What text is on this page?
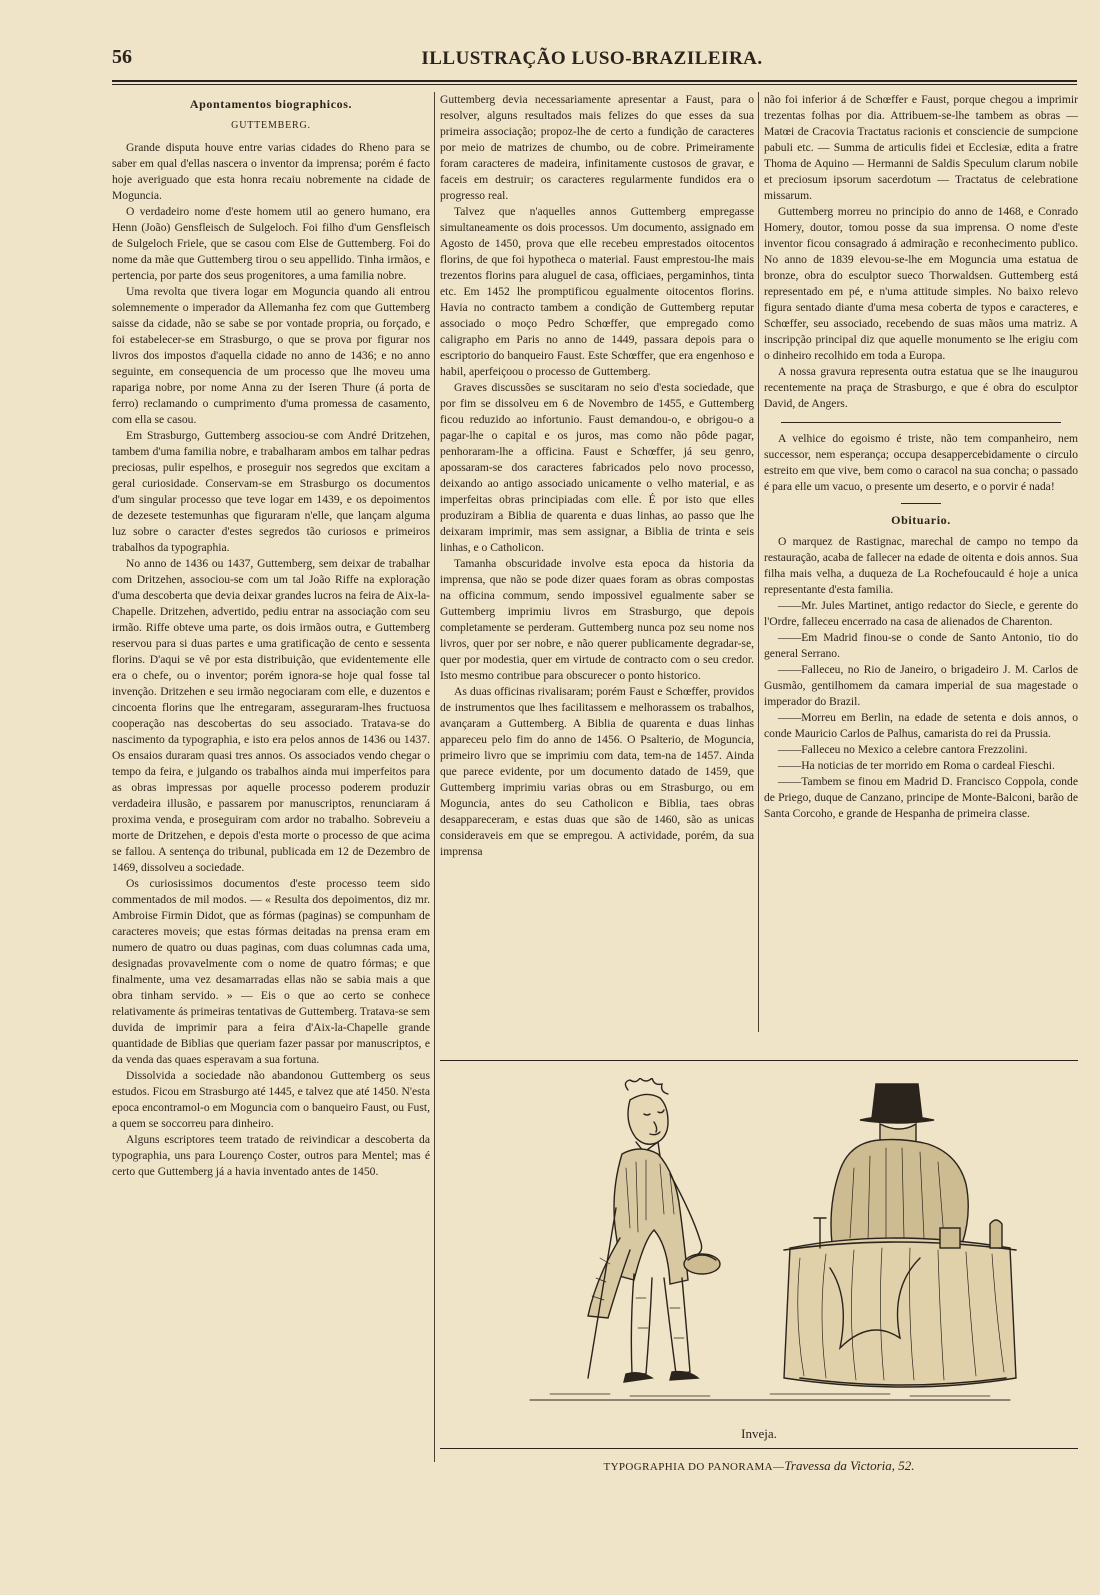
56	ILLUSTRAÇÃO LUSO-BRAZILEIRA.
Apontamentos biographicos.
GUTTEMBERG.

Grande disputa houve entre varias cidades do Rheno para se saber em qual d'ellas nascera o inventor da imprensa; porém é facto hoje averiguado que esta honra recaiu nobremente na cidade de Moguncia.

O verdadeiro nome d'este homem util ao genero humano, era Henn (João) Gensfleisch de Sulgeloch. Foi filho d'um Gensfleisch de Sulgeloch Friele, que se casou com Else de Guttemberg. Foi do nome da mãe que Guttemberg tirou o seu appellido. Tinha irmãos, e pertencia, por parte dos seus progenitores, a uma familia nobre.

Uma revolta que tivera logar em Moguncia quando ali entrou solemnemente o imperador da Allemanha fez com que Guttemberg saisse da cidade, não se sabe se por vontade propria, ou forçado, e foi estabelecer-se em Strasburgo, o que se prova por figurar nos livros dos impostos d'aquella cidade no anno de 1436; e no anno seguinte, em consequencia de um processo que lhe moveu uma rapariga nobre, por nome Anna zu der Iseren Thure (á porta de ferro) reclamando o cumprimento d'uma promessa de casamento, com ella se casou.

Em Strasburgo, Guttemberg associou-se com André Dritzehen, tambem d'uma familia nobre, e trabalharam ambos em talhar pedras preciosas, pulir espelhos, e proseguir nos segredos que excitam a geral curiosidade. Conservam-se em Strasburgo os documentos d'um singular processo que teve logar em 1439, e os depoimentos de dezesete testemunhas que figuraram n'elle, que lançam alguma luz sobre o caracter d'estes segredos tão curiosos e primeiros trabalhos da typographia.

No anno de 1436 ou 1437, Guttemberg, sem deixar de trabalhar com Dritzehen, associou-se com um tal João Riffe na exploração d'uma descoberta que devia deixar grandes lucros na feira de Aix-la-Chapelle. Dritzehen, advertido, pediu entrar na associação com seu irmão. Riffe obteve uma parte, os dois irmãos outra, e Guttemberg reservou para si duas partes e uma gratificação de cento e sessenta florins. D'aqui se vê por esta distribuição, que evidentemente elle era o chefe, ou o inventor; porém ignora-se hoje qual fosse tal invenção. Dritzehen e seu irmão negociaram com elle, e duzentos e cincoenta florins que lhe entregaram, asseguraram-lhes fructuosa cooperação nas descobertas do seu associado. Tratava-se do nascimento da typographia, e isto era pelos annos de 1436 ou 1437. Os ensaios duraram quasi tres annos. Os associados vendo chegar o tempo da feira, e julgando os trabalhos ainda mui imperfeitos para as obras impressas por aquelle processo poderem produzir verdadeira illusão, e passarem por manuscriptos, renunciaram á proxima venda, e proseguiram com ardor no trabalho. Sobreveiu a morte de Dritzehen, e depois d'esta morte o processo de que acima se fallou. A sentença do tribunal, publicada em 12 de Dezembro de 1469, dissolveu a sociedade.

Os curiosissimos documentos d'este processo teem sido commentados de mil modos. — « Resulta dos depoimentos, diz mr. Ambroise Firmin Didot, que as fórmas (paginas) se compunham de caracteres moveis; que estas fórmas deitadas na prensa eram em numero de quatro ou duas paginas, com duas columnas cada uma, designadas provavelmente com o nome de quatro fórmas; e que finalmente, uma vez desamarradas ellas não se sabia mais a que obra tinham servido. » — Eis o que ao certo se conhece relativamente ás primeiras tentativas de Guttemberg. Tratava-se sem duvida de imprimir para a feira d'Aix-la-Chapelle grande quantidade de Biblias que queriam fazer passar por manuscriptos, e da venda das quaes esperavam a sua fortuna.

Dissolvida a sociedade não abandonou Guttemberg os seus estudos. Ficou em Strasburgo até 1445, e talvez que até 1450. N'esta epoca encontramol-o em Moguncia com o banqueiro Faust, ou Fust, a quem se soccorreu para dinheiro.

Alguns escriptores teem tratado de reivindicar a descoberta da typographia, uns para Lourenço Coster, outros para Mentel; mas é certo que Guttemberg já a havia inventado antes de 1450.

Guttemberg devia necessariamente apresentar a Faust, para o resolver, alguns resultados mais felizes do que esses da sua primeira associação; propoz-lhe de certo a fundição de caracteres por meio de matrizes de chumbo, ou de cobre. Primeiramente foram caracteres de madeira, infinitamente custosos de gravar, e faceis em destruir; os caracteres regularmente fundidos era o progresso real.

Talvez que n'aquelles annos Guttemberg empregasse simultaneamente os dois processos. Um documento, assignado em Agosto de 1450, prova que elle recebeu emprestados oitocentos florins, de que foi hypotheca o material. Faust emprestou-lhe mais trezentos florins para aluguel de casa, officiaes, pergaminhos, tinta etc. Em 1452 lhe promptificou egualmente oitocentos florins. Havia no contracto tambem a condição de Guttemberg reputar associado o moço Pedro Schœffer, que empregado como caligrapho em Paris no anno de 1449, passara depois para o escriptorio do banqueiro Faust. Este Schœffer, que era engenhoso e habil, aperfeiçoou o processo de Guttemberg.

Graves discussões se suscitaram no seio d'esta sociedade, que por fim se dissolveu em 6 de Novembro de 1455, e Guttemberg ficou reduzido ao infortunio. Faust demandou-o, e obrigou-o a pagar-lhe o capital e os juros, mas como não pôde pagar, penhoraram-lhe a officina. Faust e Schœffer, já seu genro, apossaram-se dos caracteres fabricados pelo novo processo, deixando ao antigo associado unicamente o velho material, e as imperfeitas obras principiadas com elle. É por isto que elles produziram a Biblia de quarenta e duas linhas, ao passo que lhe deixaram imprimir, mas sem assignar, a Biblia de trinta e seis linhas, e o Catholicon.

Tamanha obscuridade involve esta epoca da historia da imprensa, que não se pode dizer quaes foram as obras compostas na officina commum, sendo impossivel egualmente saber se Guttemberg imprimiu livros em Strasburgo, que depois completamente se perderam. Guttemberg nunca poz seu nome nos livros, quer por ser nobre, e não querer publicamente degradar-se, quer por modestia, quer em virtude de contracto com o seu credor. Isto mesmo contribue para obscurecer o ponto historico.

As duas officinas rivalisaram; porém Faust e Schœffer, providos de instrumentos que lhes facilitassem e melhorassem os trabalhos, avançaram a Guttemberg. A Biblia de quarenta e duas linhas appareceu pelo fim do anno de 1456. O Psalterio, de Moguncia, primeiro livro que se imprimiu com data, tem-na de 1457. Ainda que parece evidente, por um documento datado de 1459, que Guttemberg imprimiu varias obras ou em Strasburgo, ou em Moguncia, antes do seu Catholicon e Biblia, taes obras desappareceram, e estas duas que são de 1460, são as unicas consideraveis em que se empregou. A actividade, porém, da sua imprensa

não foi inferior á de Schœffer e Faust, porque chegou a imprimir trezentas folhas por dia. Attribuem-se-lhe tambem as obras — Matœi de Cracovia Tractatus racionis et consciencie de sumpcione pabuli etc. — Summa de articulis fidei et Ecclesiæ, edita a fratre Thoma de Aquino — Hermanni de Saldis Speculum clarum nobile et preciosum ipsorum sacerdotum — Tractatus de celebratione missarum.

Guttemberg morreu no principio do anno de 1468, e Conrado Homery, doutor, tomou posse da sua imprensa. O nome d'este inventor ficou consagrado á admiração e reconhecimento publico. No anno de 1839 elevou-se-lhe em Moguncia uma estatua de bronze, obra do esculptor sueco Thorwaldsen. Guttemberg está representado em pé, e n'uma attitude simples. No baixo relevo figura sentado diante d'uma mesa coberta de typos e caracteres, e Schœffer, seu associado, recebendo de suas mãos uma matriz. A inscripção principal diz que aquelle monumento se lhe erigiu com o dinheiro recolhido em toda a Europa.

A nossa gravura representa outra estatua que se lhe inaugurou recentemente na praça de Strasburgo, e que é obra do esculptor David, de Angers.

A velhice do egoismo é triste, não tem companheiro, nem successor, nem esperança; occupa desappercebidamente o circulo estreito em que vive, bem como o caracol na sua concha; o passado é para elle um vacuo, o presente um deserto, e o porvir é nada!

Obituario.

O marquez de Rastignac, marechal de campo no tempo da restauração, acaba de fallecer na edade de oitenta e dois annos. Sua filha mais velha, a duqueza de La Rochefoucauld é hoje a unica representante d'esta familia.

——Mr. Jules Martinet, antigo redactor do Siecle, e gerente do l'Ordre, falleceu encerrado na casa de alienados de Charenton.

——Em Madrid finou-se o conde de Santo Antonio, tio do general Serrano.

——Falleceu, no Rio de Janeiro, o brigadeiro J. M. Carlos de Gusmão, gentilhomem da camara imperial de sua magestade o imperador do Brazil.

——Morreu em Berlin, na edade de setenta e dois annos, o conde Mauricio Carlos de Palhus, camarista do rei da Prussia.

——Falleceu no Mexico a celebre cantora Frezzolini.

——Ha noticias de ter morrido em Roma o cardeal Fieschi.

——Tambem se finou em Madrid D. Francisco Coppola, conde de Priego, duque de Canzano, principe de Monte-Balconi, barão de Santa Corcoho, e grande de Hespanha de primeira classe.

Inveja.
TYPOGRAPHIA DO PANORAMA—Travessa da Victoria, 52.
